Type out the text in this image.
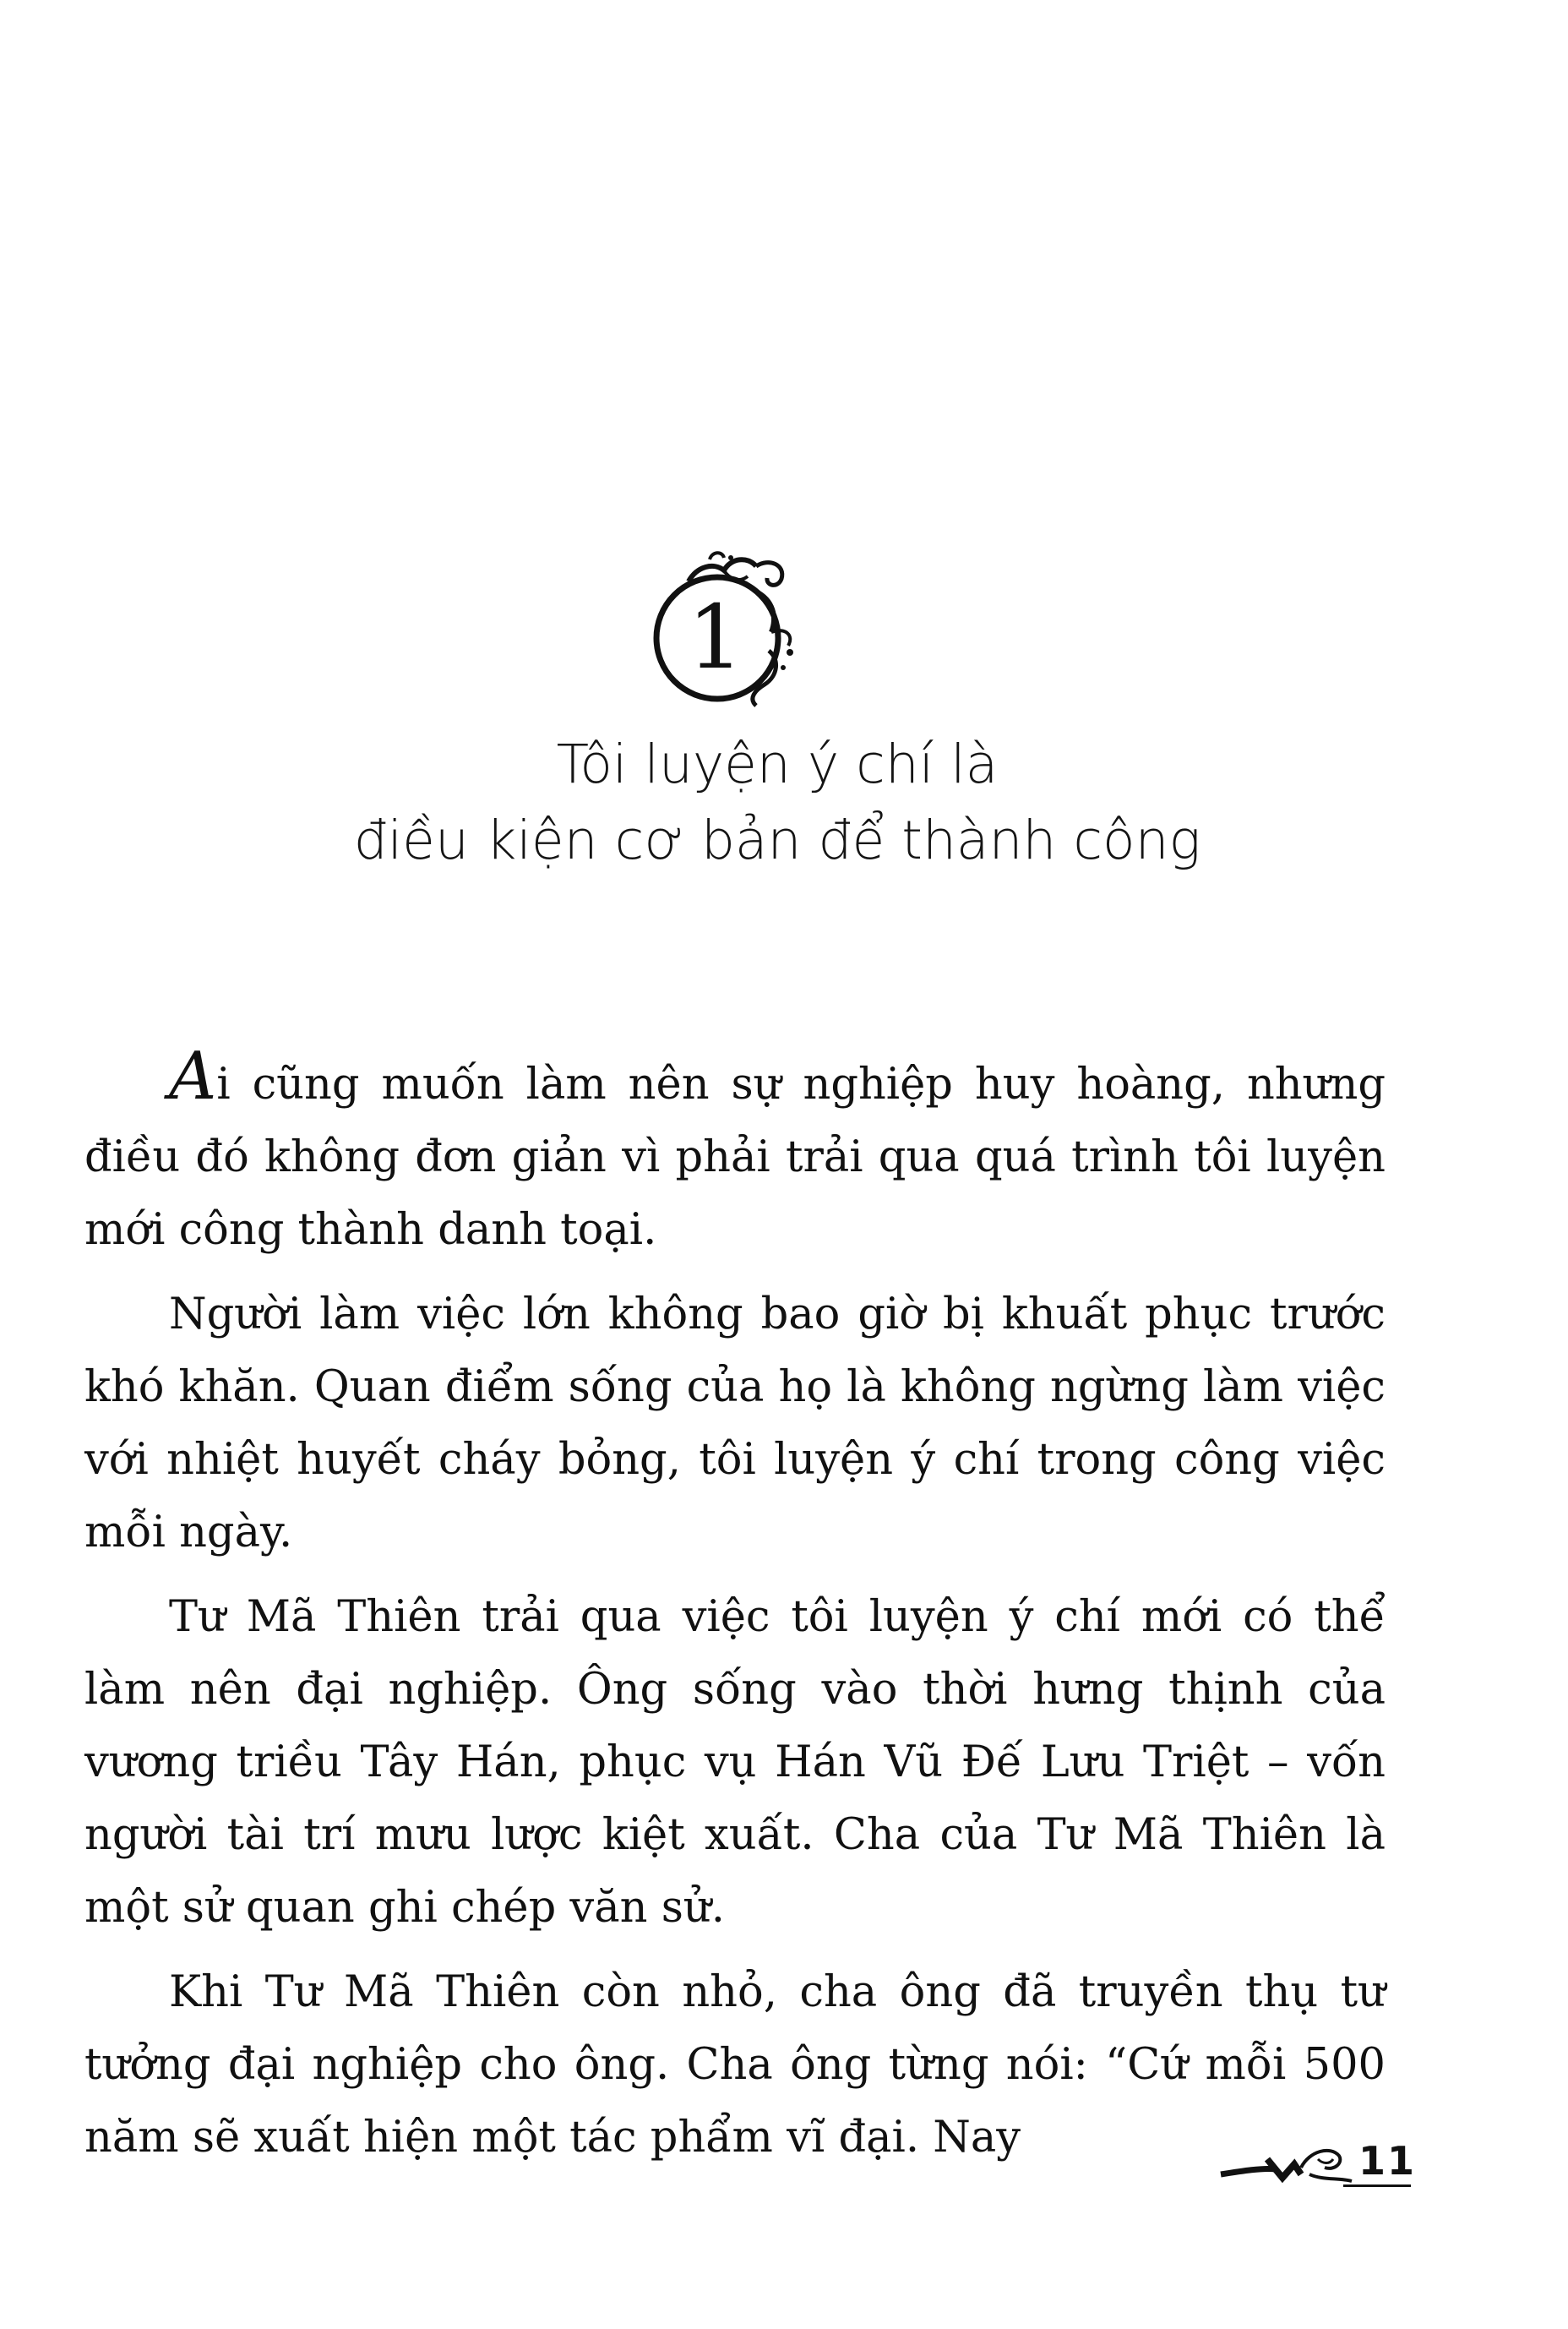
1
Tôi luyện ý chí là
điều kiện cơ bản để thành công

Ai cũng muốn làm nên sự nghiệp huy hoàng, nhưng điều đó không đơn giản vì phải trải qua quá trình tôi luyện mới công thành danh toại.

Người làm việc lớn không bao giờ bị khuất phục trước khó khăn. Quan điểm sống của họ là không ngừng làm việc với nhiệt huyết cháy bỏng, tôi luyện ý chí trong công việc mỗi ngày.

Tư Mã Thiên trải qua việc tôi luyện ý chí mới có thể làm nên đại nghiệp. Ông sống vào thời hưng thịnh của vương triều Tây Hán, phục vụ Hán Vũ Đế Lưu Triệt – vốn người tài trí mưu lược kiệt xuất. Cha của Tư Mã Thiên là một sử quan ghi chép văn sử.

Khi Tư Mã Thiên còn nhỏ, cha ông đã truyền thụ tư tưởng đại nghiệp cho ông. Cha ông từng nói: “Cứ mỗi 500 năm sẽ xuất hiện một tác phẩm vĩ đại. Nay	11
